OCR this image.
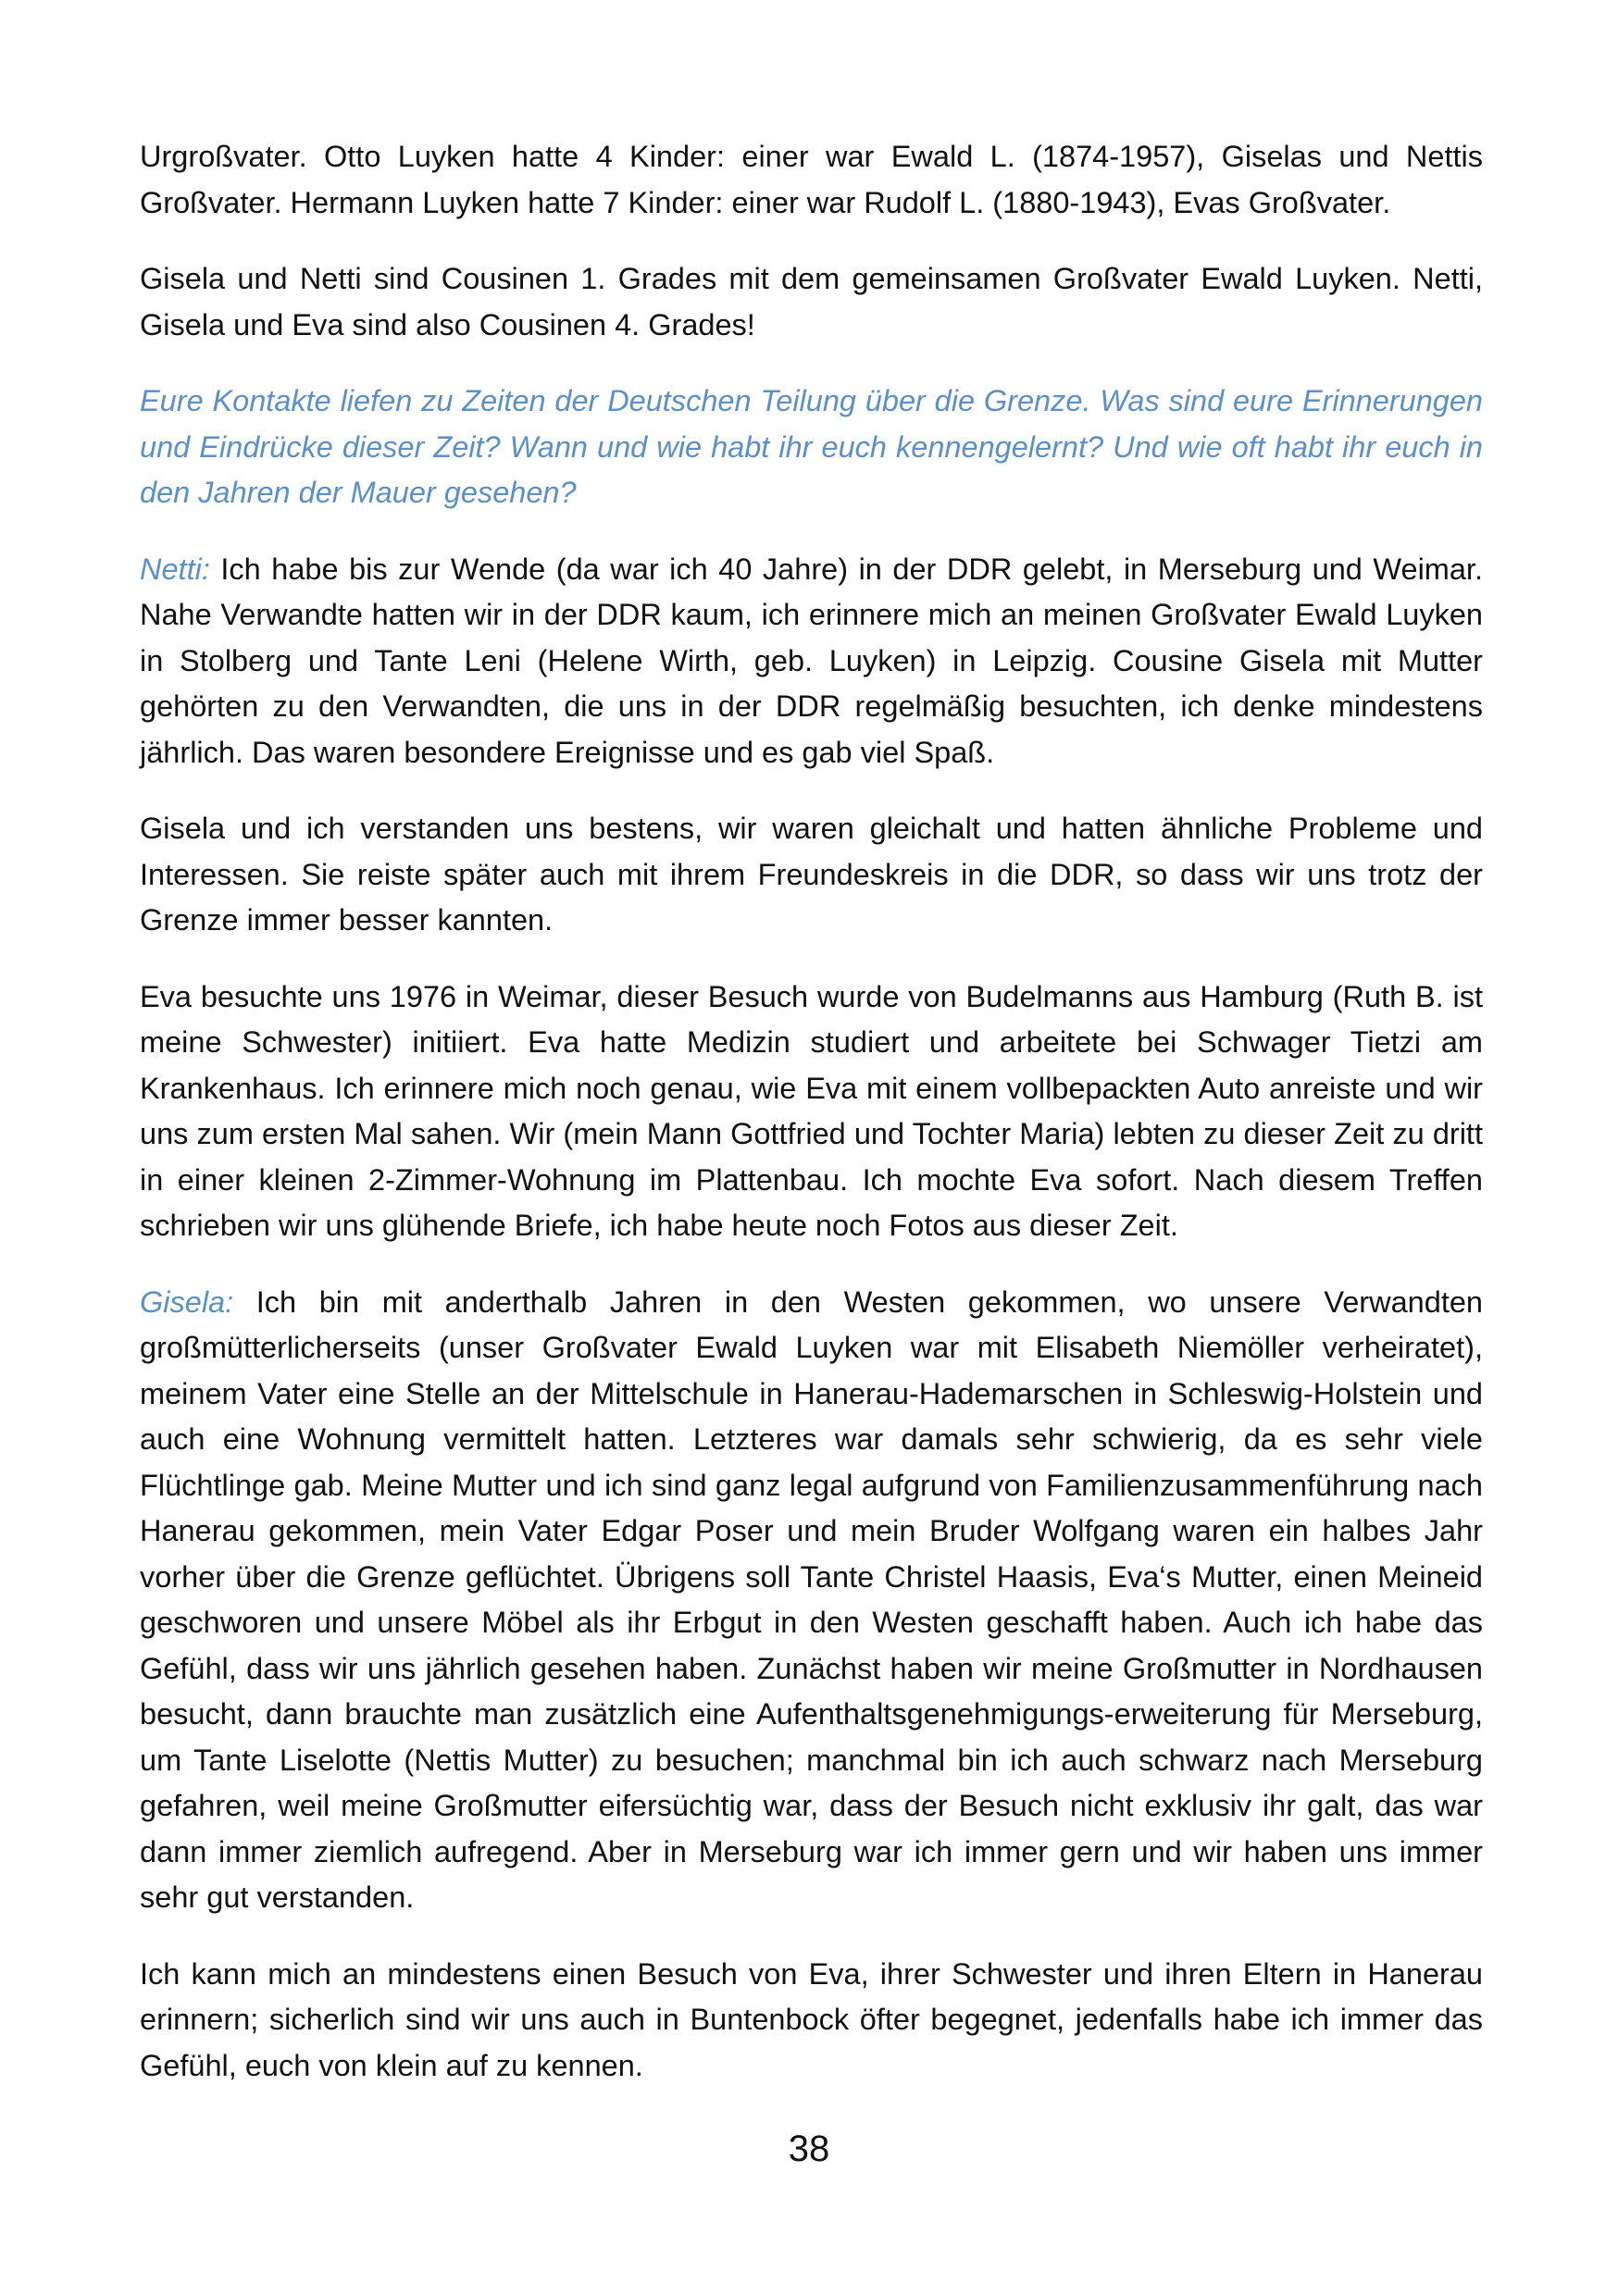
Urgroßvater. Otto Luyken hatte 4 Kinder: einer war Ewald L. (1874-1957), Giselas und Nettis Großvater. Hermann Luyken hatte 7 Kinder: einer war Rudolf L. (1880-1943), Evas Großvater.

Gisela und Netti sind Cousinen 1. Grades mit dem gemeinsamen Großvater Ewald Luyken. Netti, Gisela und Eva sind also Cousinen 4. Grades!

Eure Kontakte liefen zu Zeiten der Deutschen Teilung über die Grenze. Was sind eure Erinnerungen und Eindrücke dieser Zeit? Wann und wie habt ihr euch kennengelernt? Und wie oft habt ihr euch in den Jahren der Mauer gesehen?

Netti: Ich habe bis zur Wende (da war ich 40 Jahre) in der DDR gelebt, in Merseburg und Weimar. Nahe Verwandte hatten wir in der DDR kaum, ich erinnere mich an meinen Großvater Ewald Luyken in Stolberg und Tante Leni (Helene Wirth, geb. Luyken) in Leipzig. Cousine Gisela mit Mutter gehörten zu den Verwandten, die uns in der DDR regelmäßig besuchten, ich denke mindestens jährlich. Das waren besondere Ereignisse und es gab viel Spaß.

Gisela und ich verstanden uns bestens, wir waren gleichalt und hatten ähnliche Probleme und Interessen. Sie reiste später auch mit ihrem Freundeskreis in die DDR, so dass wir uns trotz der Grenze immer besser kannten.

Eva besuchte uns 1976 in Weimar, dieser Besuch wurde von Budelmanns aus Hamburg (Ruth B. ist meine Schwester) initiiert. Eva hatte Medizin studiert und arbeitete bei Schwager Tietzi am Krankenhaus. Ich erinnere mich noch genau, wie Eva mit einem vollbepackten Auto anreiste und wir uns zum ersten Mal sahen. Wir (mein Mann Gottfried und Tochter Maria) lebten zu dieser Zeit zu dritt in einer kleinen 2-Zimmer-Wohnung im Plattenbau. Ich mochte Eva sofort. Nach diesem Treffen schrieben wir uns glühende Briefe, ich habe heute noch Fotos aus dieser Zeit.

Gisela: Ich bin mit anderthalb Jahren in den Westen gekommen, wo unsere Verwandten großmütterlicherseits (unser Großvater Ewald Luyken war mit Elisabeth Niemöller verheiratet), meinem Vater eine Stelle an der Mittelschule in Hanerau-Hademarschen in Schleswig-Holstein und auch eine Wohnung vermittelt hatten. Letzteres war damals sehr schwierig, da es sehr viele Flüchtlinge gab. Meine Mutter und ich sind ganz legal aufgrund von Familienzusammenführung nach Hanerau gekommen, mein Vater Edgar Poser und mein Bruder Wolfgang waren ein halbes Jahr vorher über die Grenze geflüchtet. Übrigens soll Tante Christel Haasis, Eva‘s Mutter, einen Meineid geschworen und unsere Möbel als ihr Erbgut in den Westen geschafft haben. Auch ich habe das Gefühl, dass wir uns jährlich gesehen haben. Zunächst haben wir meine Großmutter in Nordhausen besucht, dann brauchte man zusätzlich eine Aufenthaltsgenehmigungs-erweiterung für Merseburg, um Tante Liselotte (Nettis Mutter) zu besuchen; manchmal bin ich auch schwarz nach Merseburg gefahren, weil meine Großmutter eifersüchtig war, dass der Besuch nicht exklusiv ihr galt, das war dann immer ziemlich aufregend. Aber in Merseburg war ich immer gern und wir haben uns immer sehr gut verstanden.

Ich kann mich an mindestens einen Besuch von Eva, ihrer Schwester und ihren Eltern in Hanerau erinnern; sicherlich sind wir uns auch in Buntenbock öfter begegnet, jedenfalls habe ich immer das Gefühl, euch von klein auf zu kennen.

38
